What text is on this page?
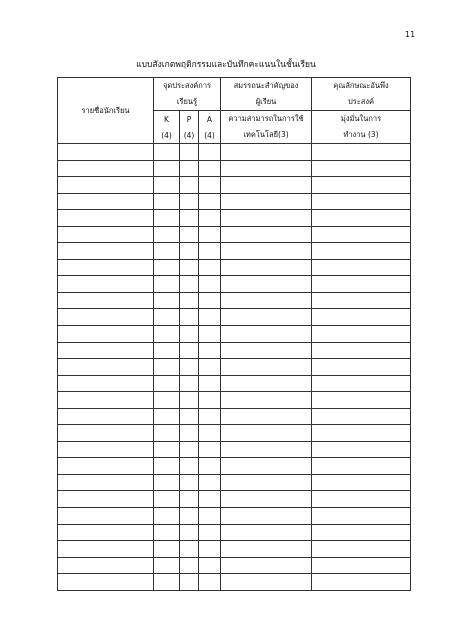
11
แบบสังเกตพฤติกรรมและบันทึกคะแนนในชั้นเรียน
รายชื่อนักเรียน	จุดประสงค์การ			สมรรถนะสำคัญของ	คุณลักษณะอันพึง
	เรียนรู้			ผู้เรียน	ประสงค์
	K	P	A	ความสามารถในการใช้	มุ่งมั่นในการ
	(4)	(4)	(4)	เทคโนโลยี(3)	ทำงาน (3)
